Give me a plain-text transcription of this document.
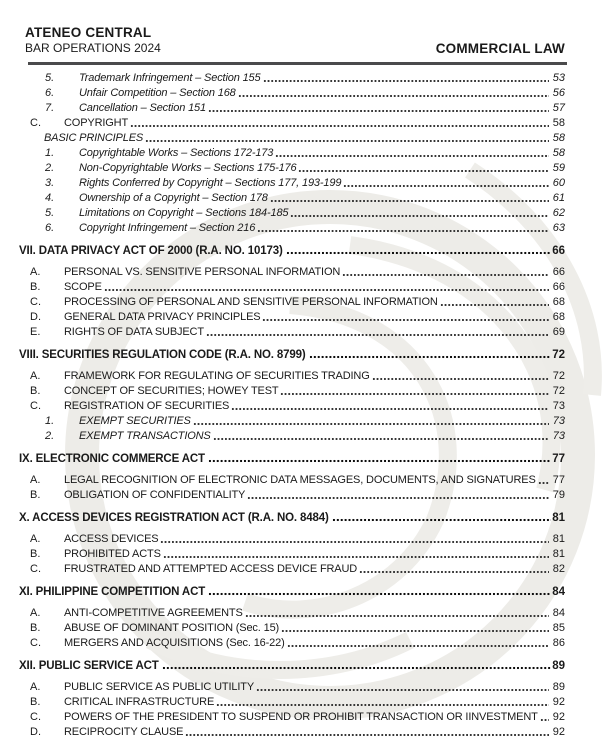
ATENEO CENTRAL
BAR OPERATIONS 2024	COMMERCIAL LAW
5.	Trademark Infringement – Section 155	53
6.	Unfair Competition – Section 168	56
7.	Cancellation – Section 151	57
C.	COPYRIGHT	58
BASIC PRINCIPLES	58
1.	Copyrightable Works – Sections 172-173	58
2.	Non-Copyrightable Works – Sections 175-176	59
3.	Rights Conferred by Copyright – Sections 177, 193-199	60
4.	Ownership of a Copyright – Section 178	61
5.	Limitations on Copyright – Sections 184-185	62
6.	Copyright Infringement – Section 216	63
VII. DATA PRIVACY ACT OF 2000 (R.A. NO. 10173)	66
A.	PERSONAL VS. SENSITIVE PERSONAL INFORMATION	66
B.	SCOPE	66
C.	PROCESSING OF PERSONAL AND SENSITIVE PERSONAL INFORMATION	68
D.	GENERAL DATA PRIVACY PRINCIPLES	68
E.	RIGHTS OF DATA SUBJECT	69
VIII. SECURITIES REGULATION CODE (R.A. NO. 8799)	72
A.	FRAMEWORK FOR REGULATING OF SECURITIES TRADING	72
B.	CONCEPT OF SECURITIES; HOWEY TEST	72
C.	REGISTRATION OF SECURITIES	73
1.	EXEMPT SECURITIES	73
2.	EXEMPT TRANSACTIONS	73
IX. ELECTRONIC COMMERCE ACT	77
A.	LEGAL RECOGNITION OF ELECTRONIC DATA MESSAGES, DOCUMENTS, AND SIGNATURES 77
B.	OBLIGATION OF CONFIDENTIALITY	79
X. ACCESS DEVICES REGISTRATION ACT (R.A. NO. 8484)	81
A.	ACCESS DEVICES	81
B.	PROHIBITED ACTS	81
C.	FRUSTRATED AND ATTEMPTED ACCESS DEVICE FRAUD	82
XI. PHILIPPINE COMPETITION ACT	84
A.	ANTI-COMPETITIVE AGREEMENTS	84
B.	ABUSE OF DOMINANT POSITION (Sec. 15)	85
C.	MERGERS AND ACQUISITIONS (Sec. 16-22)	86
XII. PUBLIC SERVICE ACT	89
A.	PUBLIC SERVICE AS PUBLIC UTILITY	89
B.	CRITICAL INFRASTRUCTURE	92
C.	POWERS OF THE PRESIDENT TO SUSPEND OR PROHIBIT TRANSACTION OR IINVESTMENT 92
D.	RECIPROCITY CLAUSE	92
